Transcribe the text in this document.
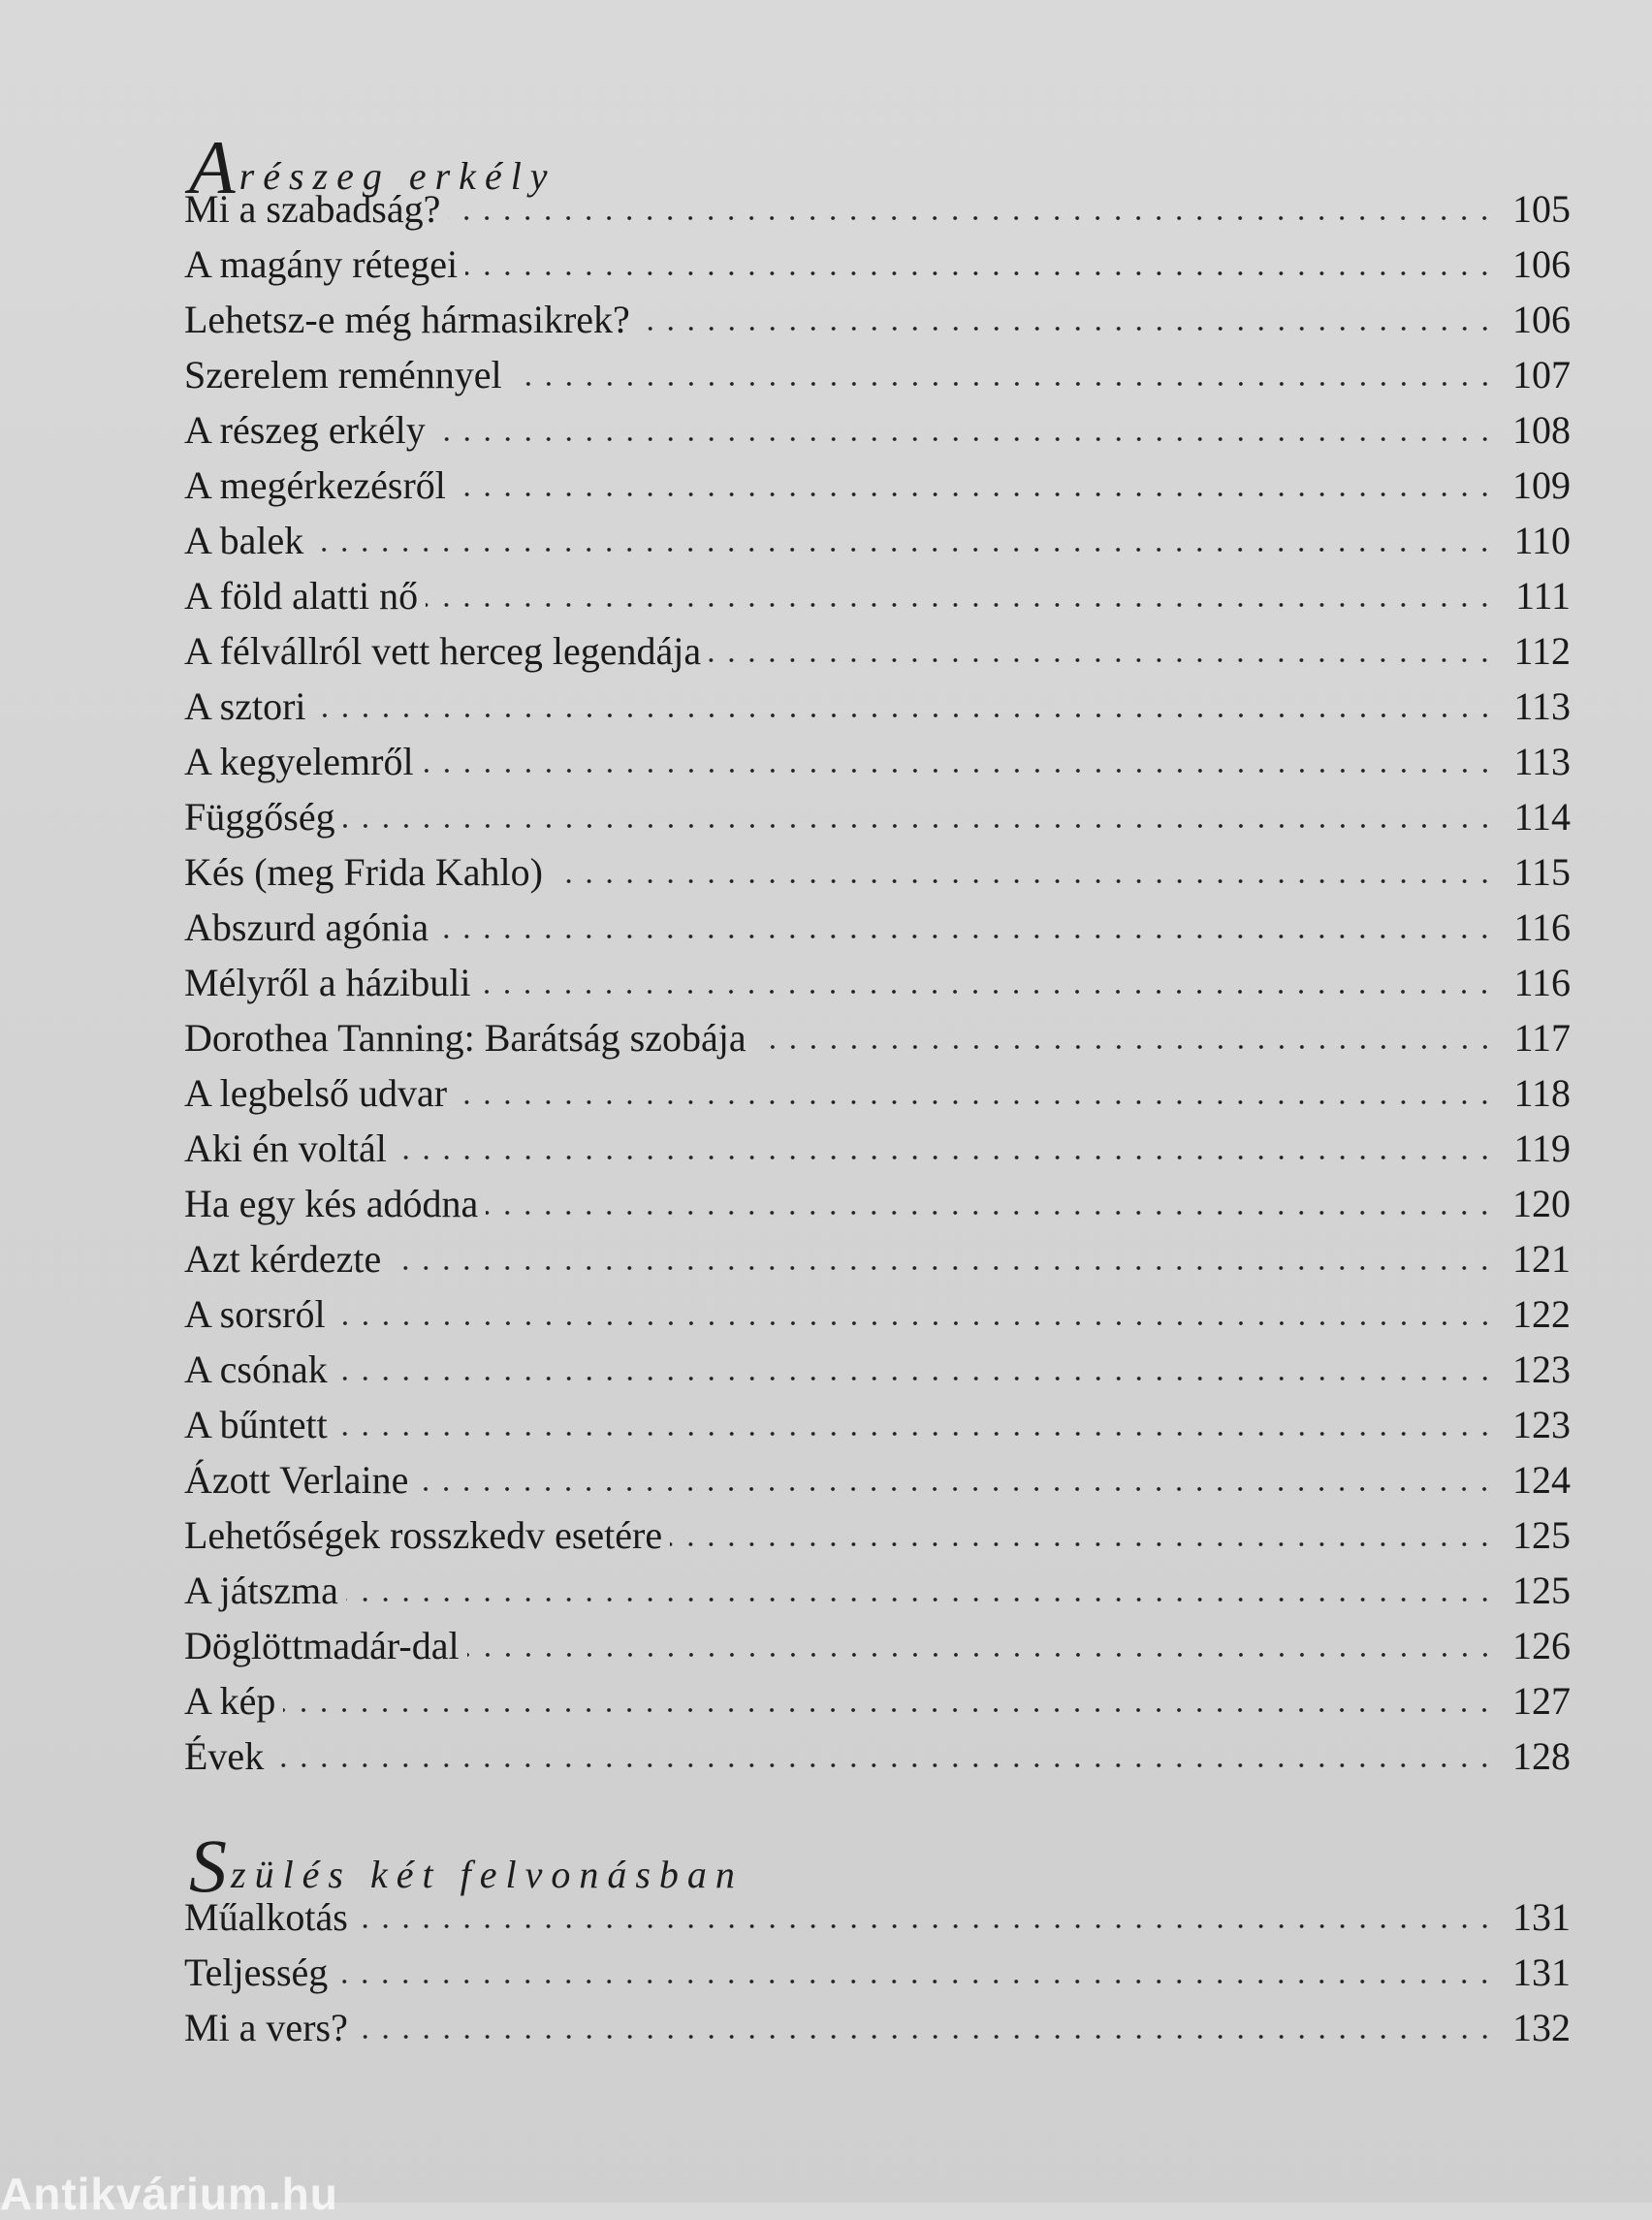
Arészeg erkély
Mi a szabadság?	105
A magány rétegei	106
Lehetsz-e még hármasikrek?	106
Szerelem reménnyel	107
A részeg erkély	108
A megérkezésről	109
A balek	110
A föld alatti nő	111
A félvállról vett herceg legendája	112
A sztori	113
A kegyelemről	113
Függőség	114
Kés (meg Frida Kahlo)	115
Abszurd agónia	116
Mélyről a házibuli	116
Dorothea Tanning: Barátság szobája	117
A legbelső udvar	118
Aki én voltál	119
Ha egy kés adódna	120
Azt kérdezte	121
A sorsról	122
A csónak	123
A bűntett	123
Ázott Verlaine	124
Lehetőségek rosszkedv esetére	125
A játszma	125
Döglöttmadár-dal	126
A kép	127
Évek	128
Szülés két felvonásban
Műalkotás	131
Teljesség	131
Mi a vers?	132
Antikvárium.hu
